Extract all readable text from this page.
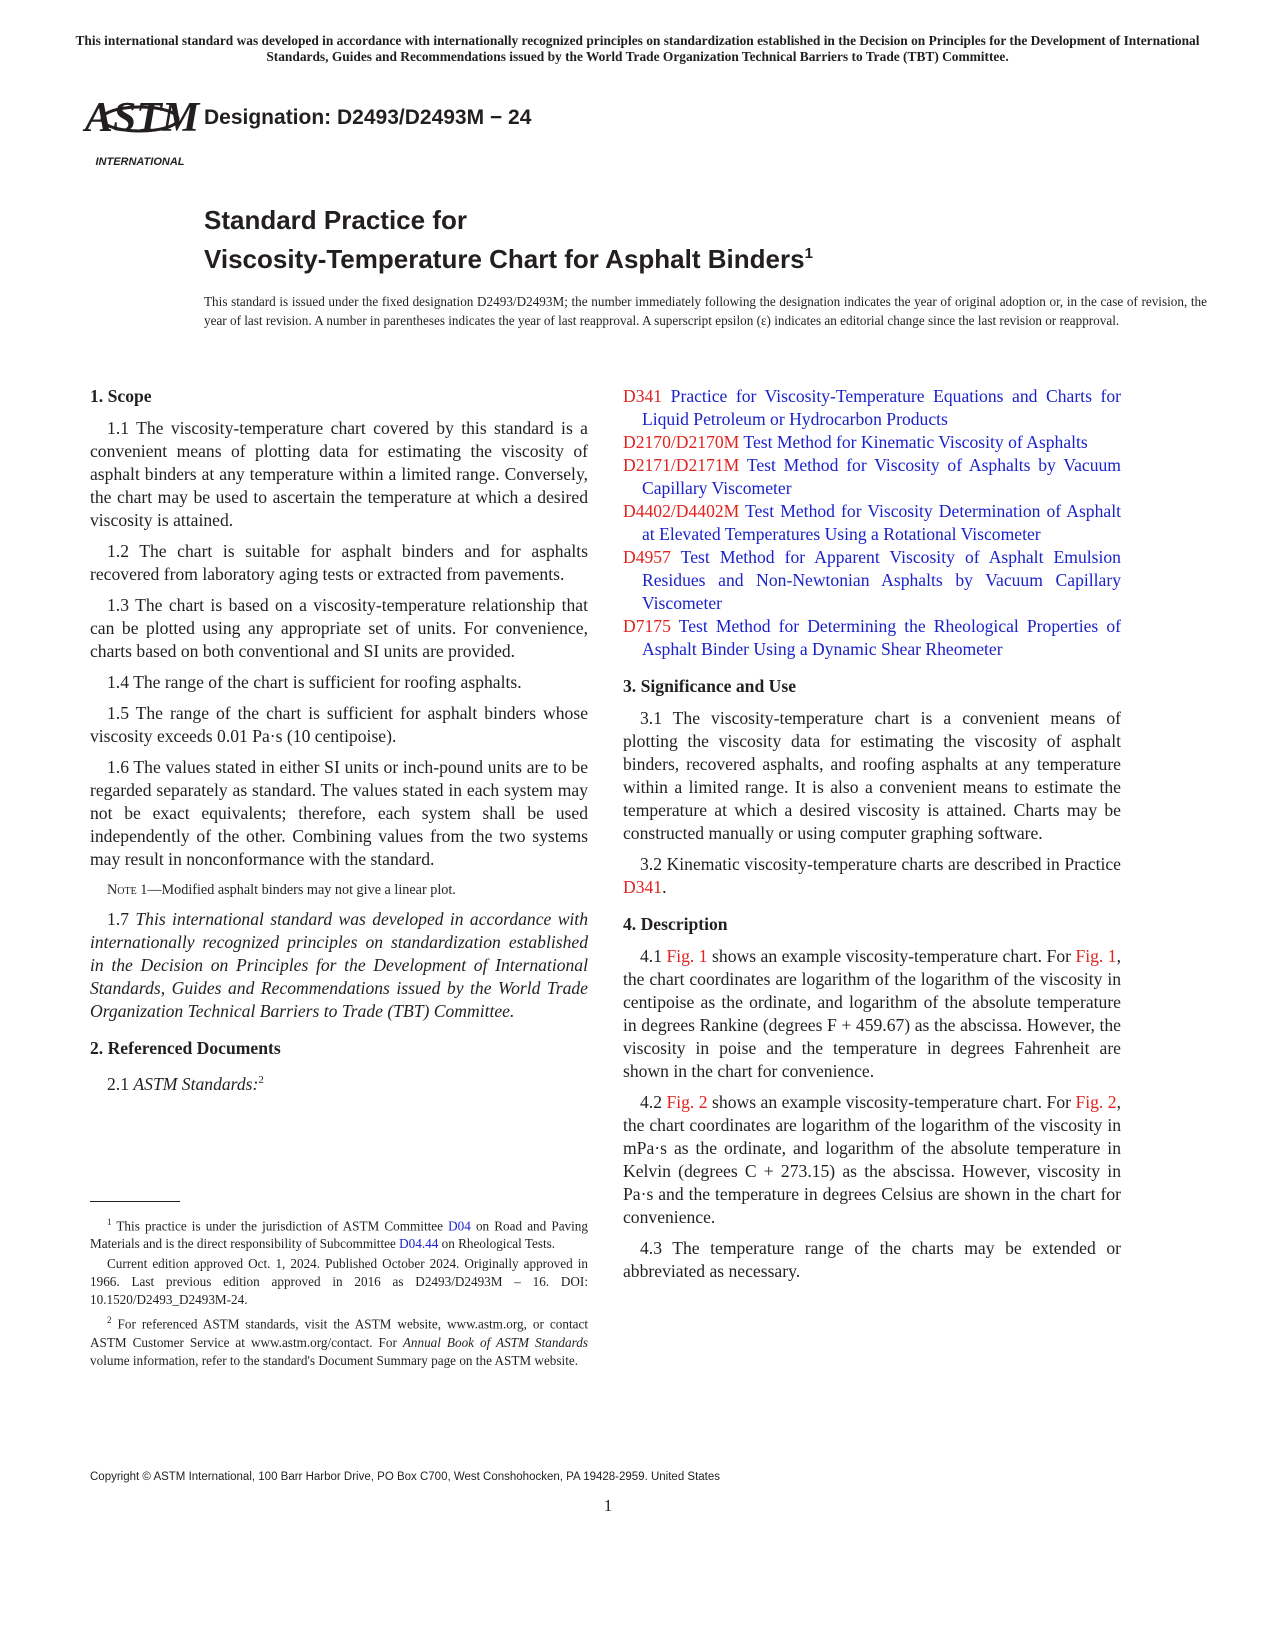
This international standard was developed in accordance with internationally recognized principles on standardization established in the Decision on Principles for the Development of International Standards, Guides and Recommendations issued by the World Trade Organization Technical Barriers to Trade (TBT) Committee.
ASTM
INTERNATIONAL
Designation: D2493/D2493M − 24
Standard Practice for
Viscosity-Temperature Chart for Asphalt Binders$^1$
This standard is issued under the fixed designation D2493/D2493M; the number immediately following the designation indicates the year of original adoption or, in the case of revision, the year of last revision. A number in parentheses indicates the year of last reapproval. A superscript epsilon (ε) indicates an editorial change since the last revision or reapproval.
1. Scope

1.1 The viscosity-temperature chart covered by this standard is a convenient means of plotting data for estimating the viscosity of asphalt binders at any temperature within a limited range. Conversely, the chart may be used to ascertain the temperature at which a desired viscosity is attained.

1.2 The chart is suitable for asphalt binders and for asphalts recovered from laboratory aging tests or extracted from pavements.

1.3 The chart is based on a viscosity-temperature relationship that can be plotted using any appropriate set of units. For convenience, charts based on both conventional and SI units are provided.

1.4 The range of the chart is sufficient for roofing asphalts.

1.5 The range of the chart is sufficient for asphalt binders whose viscosity exceeds 0.01 Pa·s (10 centipoise).

1.6 The values stated in either SI units or inch-pound units are to be regarded separately as standard. The values stated in each system may not be exact equivalents; therefore, each system shall be used independently of the other. Combining values from the two systems may result in nonconformance with the standard.

Note 1—Modified asphalt binders may not give a linear plot.

1.7 This international standard was developed in accordance with internationally recognized principles on standardization established in the Decision on Principles for the Development of International Standards, Guides and Recommendations issued by the World Trade Organization Technical Barriers to Trade (TBT) Committee.

2. Referenced Documents

2.1 ASTM Standards:$^2$

D341 Practice for Viscosity-Temperature Equations and Charts for Liquid Petroleum or Hydrocarbon Products

D2170/D2170M Test Method for Kinematic Viscosity of Asphalts

D2171/D2171M Test Method for Viscosity of Asphalts by Vacuum Capillary Viscometer

D4402/D4402M Test Method for Viscosity Determination of Asphalt at Elevated Temperatures Using a Rotational Viscometer

D4957 Test Method for Apparent Viscosity of Asphalt Emulsion Residues and Non-Newtonian Asphalts by Vacuum Capillary Viscometer

D7175 Test Method for Determining the Rheological Properties of Asphalt Binder Using a Dynamic Shear Rheometer

3. Significance and Use

3.1 The viscosity-temperature chart is a convenient means of plotting the viscosity data for estimating the viscosity of asphalt binders, recovered asphalts, and roofing asphalts at any temperature within a limited range. It is also a convenient means to estimate the temperature at which a desired viscosity is attained. Charts may be constructed manually or using computer graphing software.

3.2 Kinematic viscosity-temperature charts are described in Practice D341.

4. Description

4.1 Fig. 1 shows an example viscosity-temperature chart. For Fig. 1, the chart coordinates are logarithm of the logarithm of the viscosity in centipoise as the ordinate, and logarithm of the absolute temperature in degrees Rankine (degrees F + 459.67) as the abscissa. However, the viscosity in poise and the temperature in degrees Fahrenheit are shown in the chart for convenience.

4.2 Fig. 2 shows an example viscosity-temperature chart. For Fig. 2, the chart coordinates are logarithm of the logarithm of the viscosity in mPa·s as the ordinate, and logarithm of the absolute temperature in Kelvin (degrees C + 273.15) as the abscissa. However, viscosity in Pa·s and the temperature in degrees Celsius are shown in the chart for convenience.

4.3 The temperature range of the charts may be extended or abbreviated as necessary.

$^1$ This practice is under the jurisdiction of ASTM Committee D04 on Road and Paving Materials and is the direct responsibility of Subcommittee D04.44 on Rheological Tests.

Current edition approved Oct. 1, 2024. Published October 2024. Originally approved in 1966. Last previous edition approved in 2016 as D2493/D2493M – 16. DOI: 10.1520/D2493_D2493M-24.

$^2$ For referenced ASTM standards, visit the ASTM website, www.astm.org, or contact ASTM Customer Service at www.astm.org/contact. For Annual Book of ASTM Standards volume information, refer to the standard's Document Summary page on the ASTM website.

Copyright © ASTM International, 100 Barr Harbor Drive, PO Box C700, West Conshohocken, PA 19428-2959. United States
1
